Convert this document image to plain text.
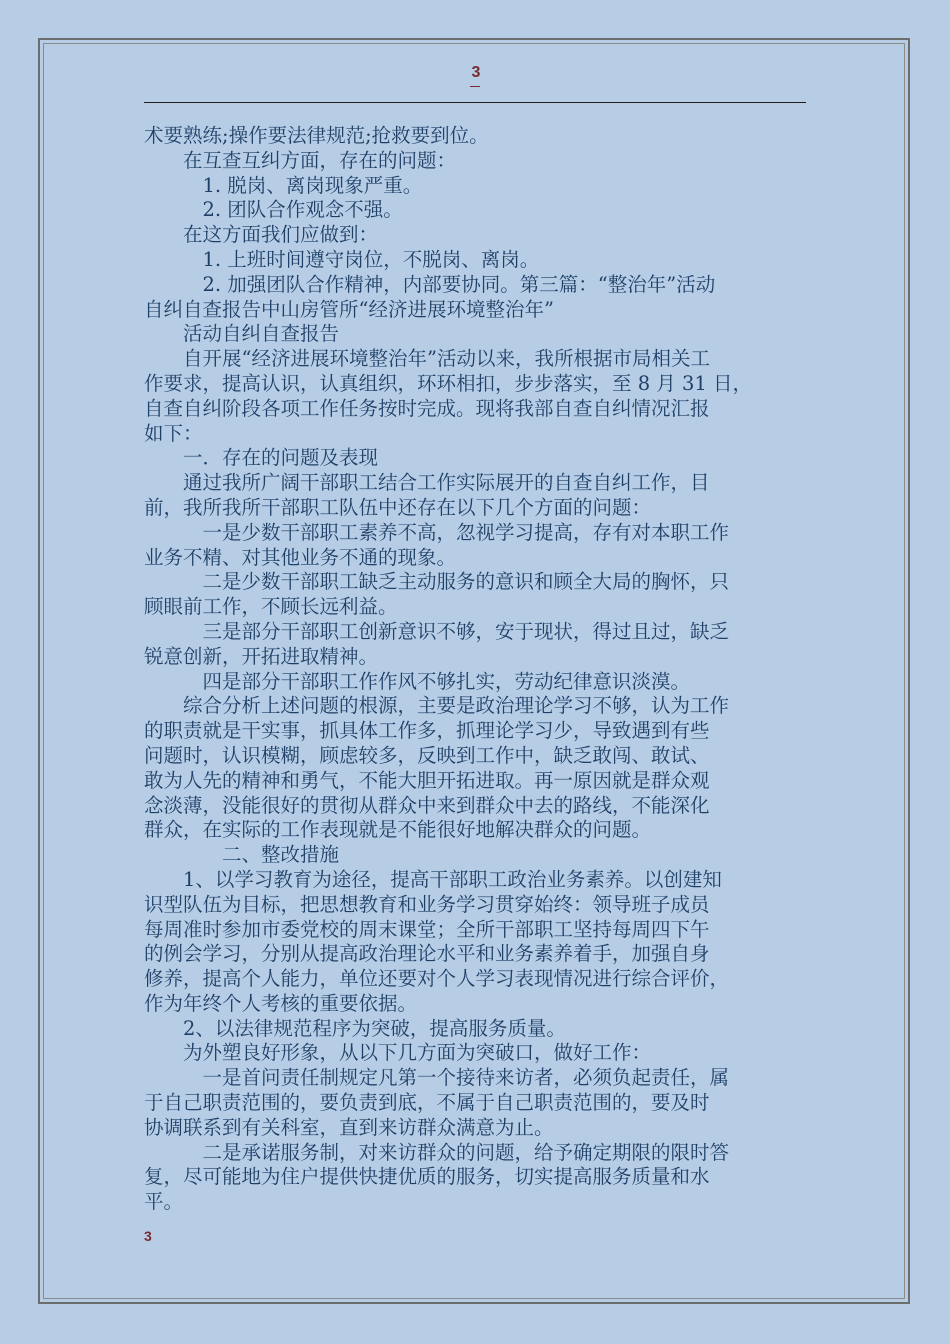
3
术要熟练;操作要法律规范;抢救要到位。
在互查互纠方面，存在的问题：
1. 脱岗、离岗现象严重。
2. 团队合作观念不强。
在这方面我们应做到：
1. 上班时间遵守岗位，不脱岗、离岗。
2. 加强团队合作精神，内部要协同。第三篇：“整治年”活动
自纠自查报告中山房管所“经济进展环境整治年”
活动自纠自查报告
自开展“经济进展环境整治年”活动以来，我所根据市局相关工
作要求，提高认识，认真组织，环环相扣，步步落实，至 8 月 31 日，
自查自纠阶段各项工作任务按时完成。现将我部自查自纠情况汇报
如下：
一．存在的问题及表现
通过我所广阔干部职工结合工作实际展开的自查自纠工作，目
前，我所我所干部职工队伍中还存在以下几个方面的问题：
一是少数干部职工素养不高，忽视学习提高，存有对本职工作
业务不精、对其他业务不通的现象。
二是少数干部职工缺乏主动服务的意识和顾全大局的胸怀，只
顾眼前工作，不顾长远利益。
三是部分干部职工创新意识不够，安于现状，得过且过，缺乏
锐意创新，开拓进取精神。
四是部分干部职工作作风不够扎实，劳动纪律意识淡漠。
综合分析上述问题的根源，主要是政治理论学习不够，认为工作
的职责就是干实事，抓具体工作多，抓理论学习少，导致遇到有些
问题时，认识模糊，顾虑较多，反映到工作中，缺乏敢闯、敢试、
敢为人先的精神和勇气，不能大胆开拓进取。再一原因就是群众观
念淡薄，没能很好的贯彻从群众中来到群众中去的路线，不能深化
群众，在实际的工作表现就是不能很好地解决群众的问题。
二、整改措施
1、以学习教育为途径，提高干部职工政治业务素养。以创建知
识型队伍为目标，把思想教育和业务学习贯穿始终：领导班子成员
每周准时参加市委党校的周末课堂；全所干部职工坚持每周四下午
的例会学习，分别从提高政治理论水平和业务素养着手，加强自身
修养，提高个人能力，单位还要对个人学习表现情况进行综合评价，
作为年终个人考核的重要依据。
2、以法律规范程序为突破，提高服务质量。
为外塑良好形象，从以下几方面为突破口，做好工作：
一是首问责任制规定凡第一个接待来访者，必须负起责任，属
于自己职责范围的，要负责到底，不属于自己职责范围的，要及时
协调联系到有关科室，直到来访群众满意为止。
二是承诺服务制，对来访群众的问题，给予确定期限的限时答
复，尽可能地为住户提供快捷优质的服务，切实提高服务质量和水
平。
3
